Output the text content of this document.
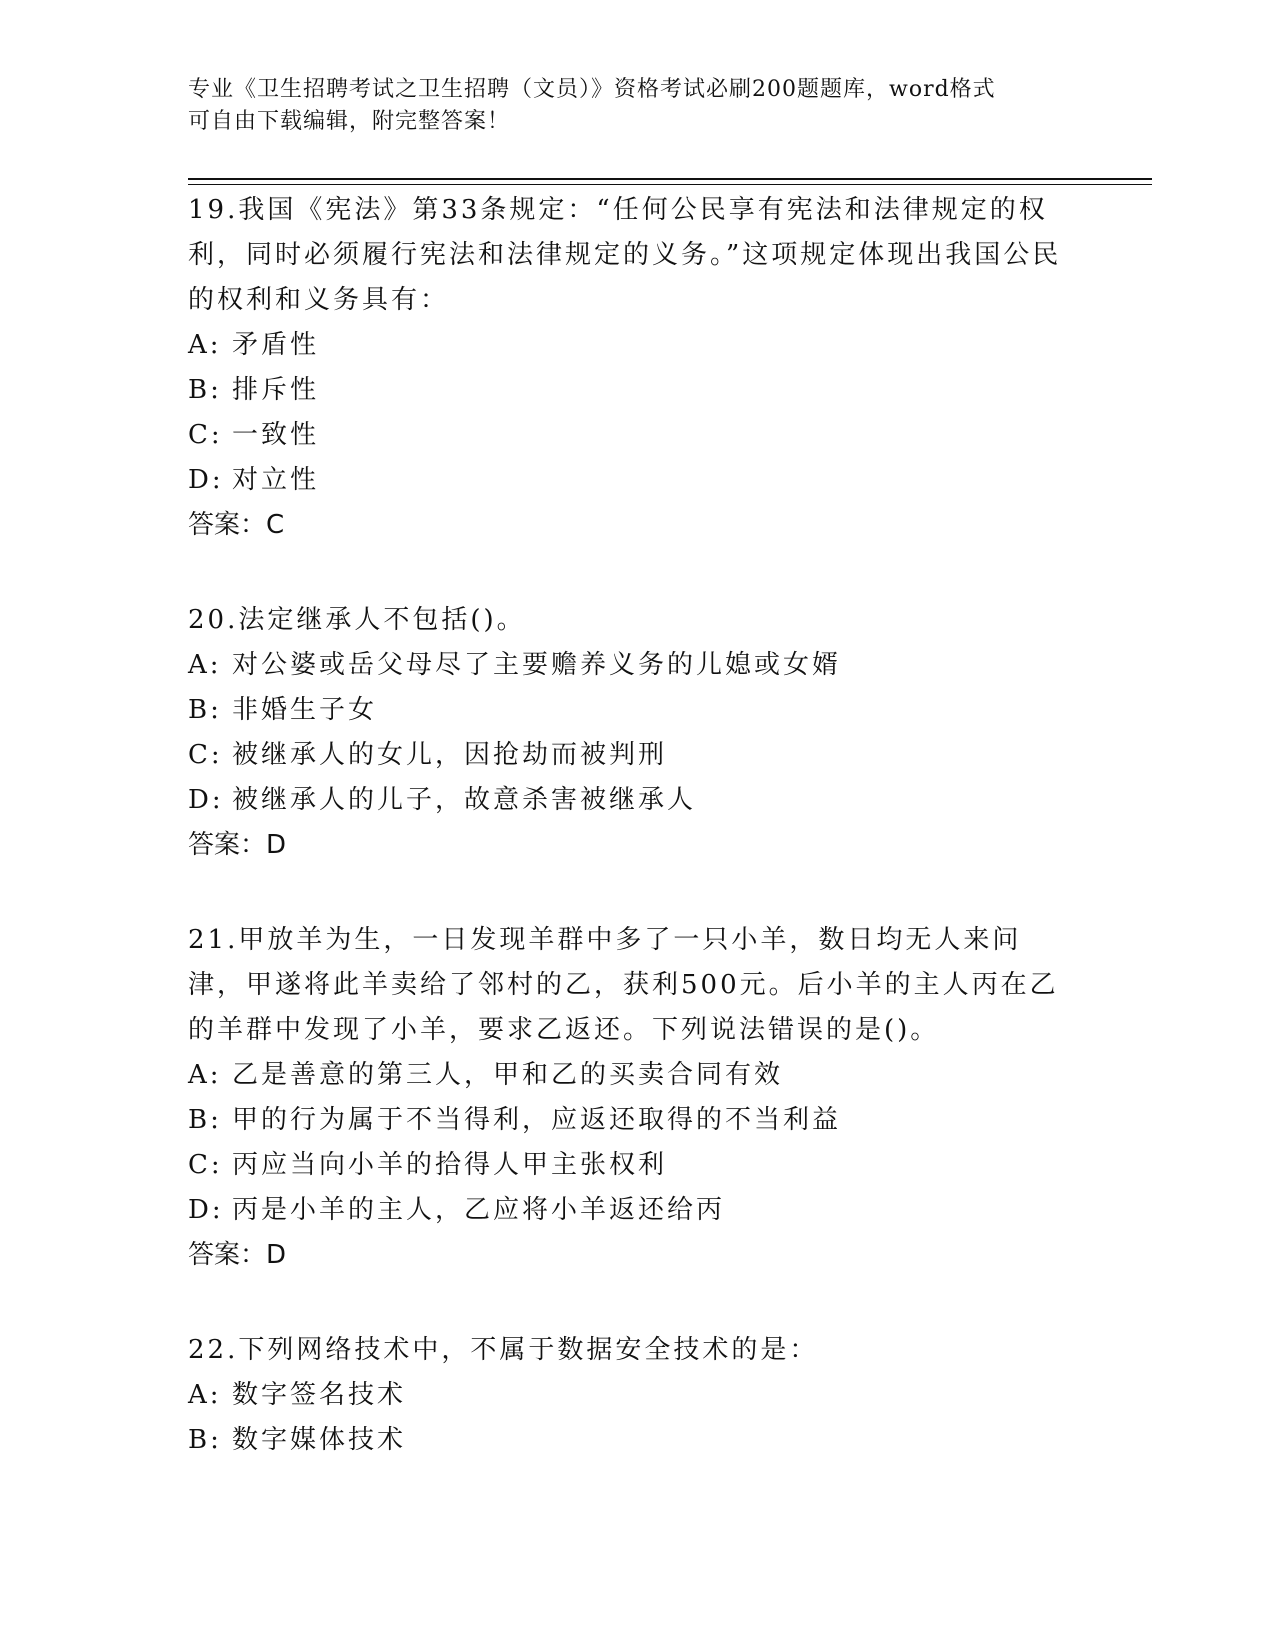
专业《卫生招聘考试之卫生招聘（文员）》资格考试必刷200题题库，word格式
可自由下载编辑，附完整答案！

19.我国《宪法》第33条规定：“任何公民享有宪法和法律规定的权利，同时必须履行宪法和法律规定的义务。”这项规定体现出我国公民的权利和义务具有：

A: 矛盾性

B: 排斥性

C: 一致性

D: 对立性

答案：C

20.法定继承人不包括()。

A: 对公婆或岳父母尽了主要赡养义务的儿媳或女婿

B: 非婚生子女

C: 被继承人的女儿，因抢劫而被判刑

D: 被继承人的儿子，故意杀害被继承人

答案：D

21.甲放羊为生，一日发现羊群中多了一只小羊，数日均无人来问津，甲遂将此羊卖给了邻村的乙，获利500元。后小羊的主人丙在乙的羊群中发现了小羊，要求乙返还。下列说法错误的是()。

A: 乙是善意的第三人，甲和乙的买卖合同有效

B: 甲的行为属于不当得利，应返还取得的不当利益

C: 丙应当向小羊的拾得人甲主张权利

D: 丙是小羊的主人，乙应将小羊返还给丙

答案：D

22.下列网络技术中，不属于数据安全技术的是：

A: 数字签名技术

B: 数字媒体技术
